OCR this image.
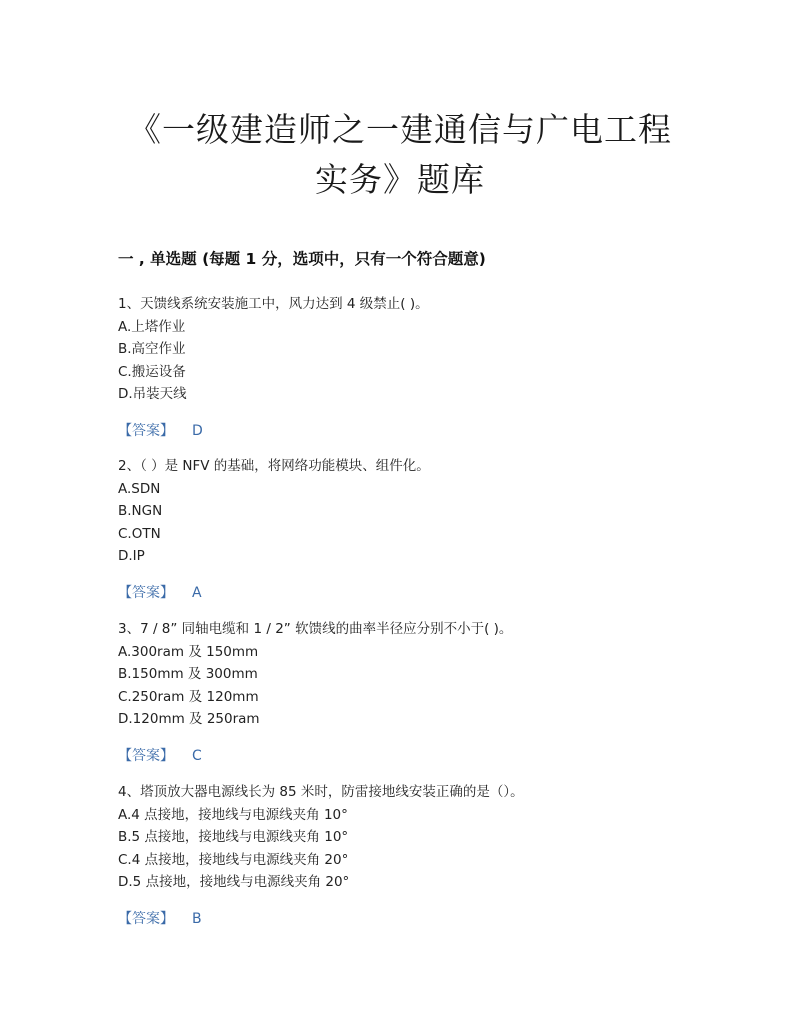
《一级建造师之一建通信与广电工程
实务》题库
一 , 单选题 (每题 1 分，选项中，只有一个符合题意)
1、天馈线系统安装施工中，风力达到 4 级禁止( )。
A.上塔作业
B.高空作业
C.搬运设备
D.吊装天线
【答案】 D
2、（ ）是 NFV 的基础，将网络功能模块、组件化。
A.SDN
B.NGN
C.OTN
D.IP
【答案】 A
3、7 / 8” 同轴电缆和 1 / 2” 软馈线的曲率半径应分别不小于( )。
A.300ram 及 150mm
B.150mm 及 300mm
C.250ram 及 120mm
D.120mm 及 250ram
【答案】 C
4、塔顶放大器电源线长为 85 米时，防雷接地线安装正确的是（）。
A.4 点接地，接地线与电源线夹角 10°
B.5 点接地，接地线与电源线夹角 10°
C.4 点接地，接地线与电源线夹角 20°
D.5 点接地，接地线与电源线夹角 20°
【答案】 B
